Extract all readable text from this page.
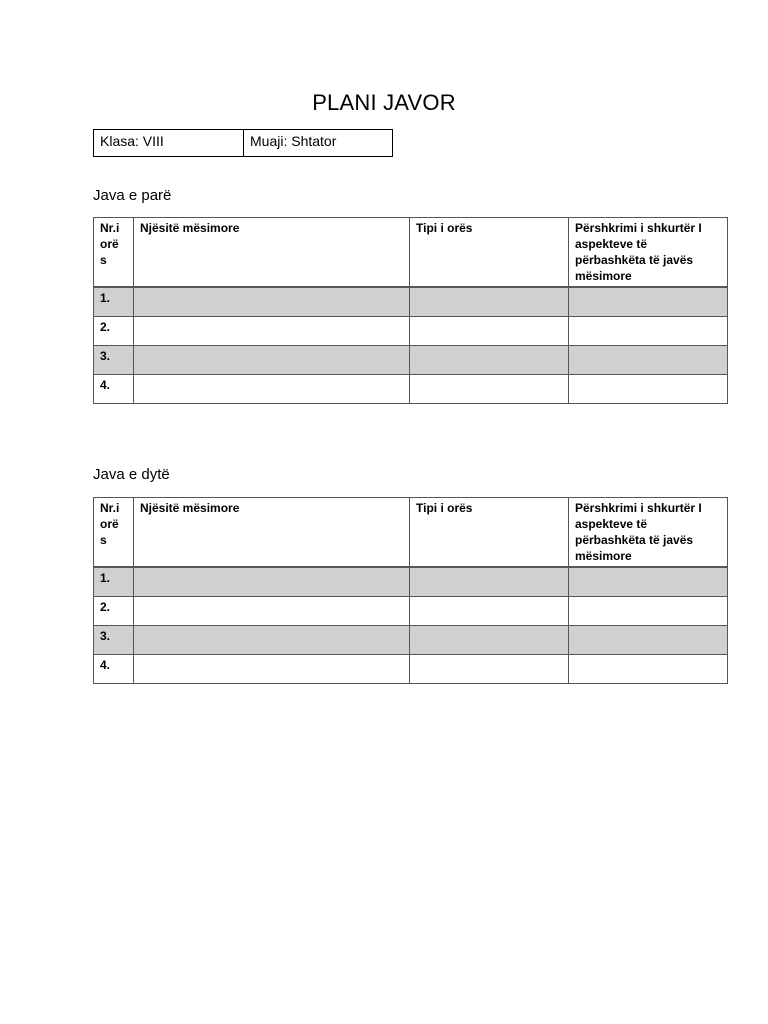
PLANI JAVOR
Klasa: VIII	Muaji: Shtator
Java e parë
Nr.i orë s	Njësitë mësimore	Tipi i orës	Përshkrimi i shkurtër I aspekteve të përbashkëta të javës mësimore
1.			
2.			
3.			
4.			
Java e dytë
Nr.i orë s	Njësitë mësimore	Tipi i orës	Përshkrimi i shkurtër I aspekteve të përbashkëta të javës mësimore
1.			
2.			
3.			
4.			
